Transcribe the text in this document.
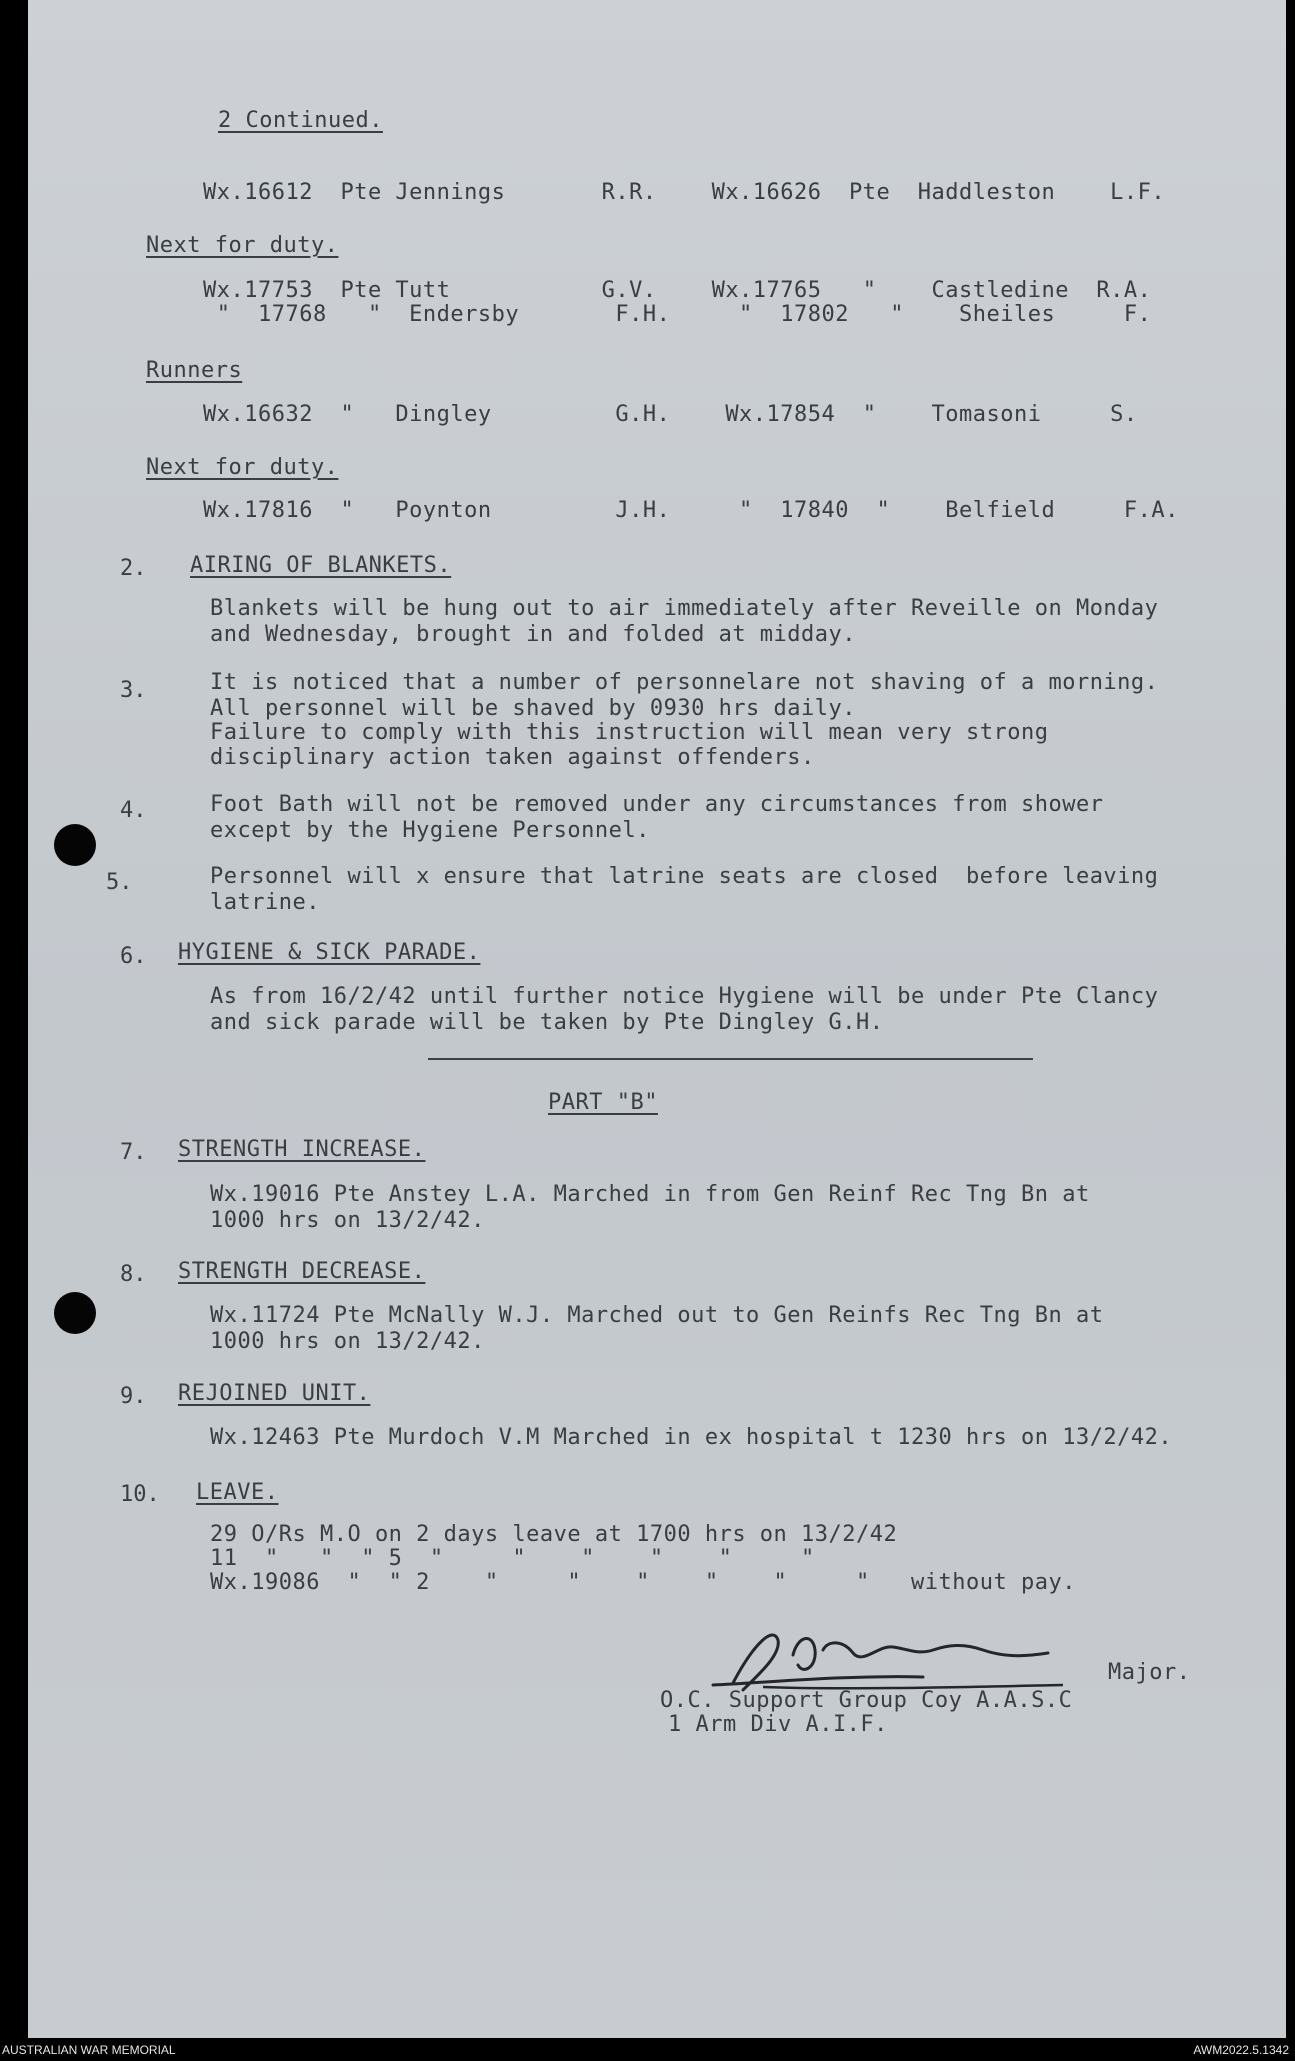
2 Continued.
Wx.16612  Pte Jennings       R.R.    Wx.16626  Pte  Haddleston    L.F.
Next for duty.
Wx.17753  Pte Tutt           G.V.    Wx.17765   "    Castledine  R.A.
"  17768   "  Endersby       F.H.     "  17802   "    Sheiles     F.
Runners
Wx.16632  "   Dingley         G.H.    Wx.17854  "    Tomasoni     S.
Next for duty.
Wx.17816  "   Poynton         J.H.     "  17840  "    Belfield     F.A.
2. AIRING OF BLANKETS.
Blankets will be hung out to air immediately after Reveille on Monday
and Wednesday, brought in and folded at midday.
3.	It is noticed that a number of personnelare not shaving of a morning.
All personnel will be shaved by 0930 hrs daily.
Failure to comply with this instruction will mean very strong
disciplinary action taken against offenders.
4.	Foot Bath will not be removed under any circumstances from shower
except by the Hygiene Personnel.
5.	Personnel will x ensure that latrine seats are closed  before leaving
latrine.
6. HYGIENE & SICK PARADE.
As from 16/2/42 until further notice Hygiene will be under Pte Clancy
and sick parade will be taken by Pte Dingley G.H.
PART "B"
7. STRENGTH INCREASE.
Wx.19016 Pte Anstey L.A. Marched in from Gen Reinf Rec Tng Bn at
1000 hrs on 13/2/42.
8. STRENGTH DECREASE.
Wx.11724 Pte McNally W.J. Marched out to Gen Reinfs Rec Tng Bn at
1000 hrs on 13/2/42.
9. REJOINED UNIT.
Wx.12463 Pte Murdoch V.M Marched in ex hospital t 1230 hrs on 13/2/42.
10. LEAVE.
29 O/Rs M.O on 2 days leave at 1700 hrs on 13/2/42
11  "   "  " 5  "     "    "    "    "     "
Wx.19086  "  " 2    "     "    "    "    "     "   without pay.
Major.
O.C. Support Group Coy A.A.S.C
1 Arm Div A.I.F.
AUSTRALIAN WAR MEMORIAL	AWM2022.5.1342
